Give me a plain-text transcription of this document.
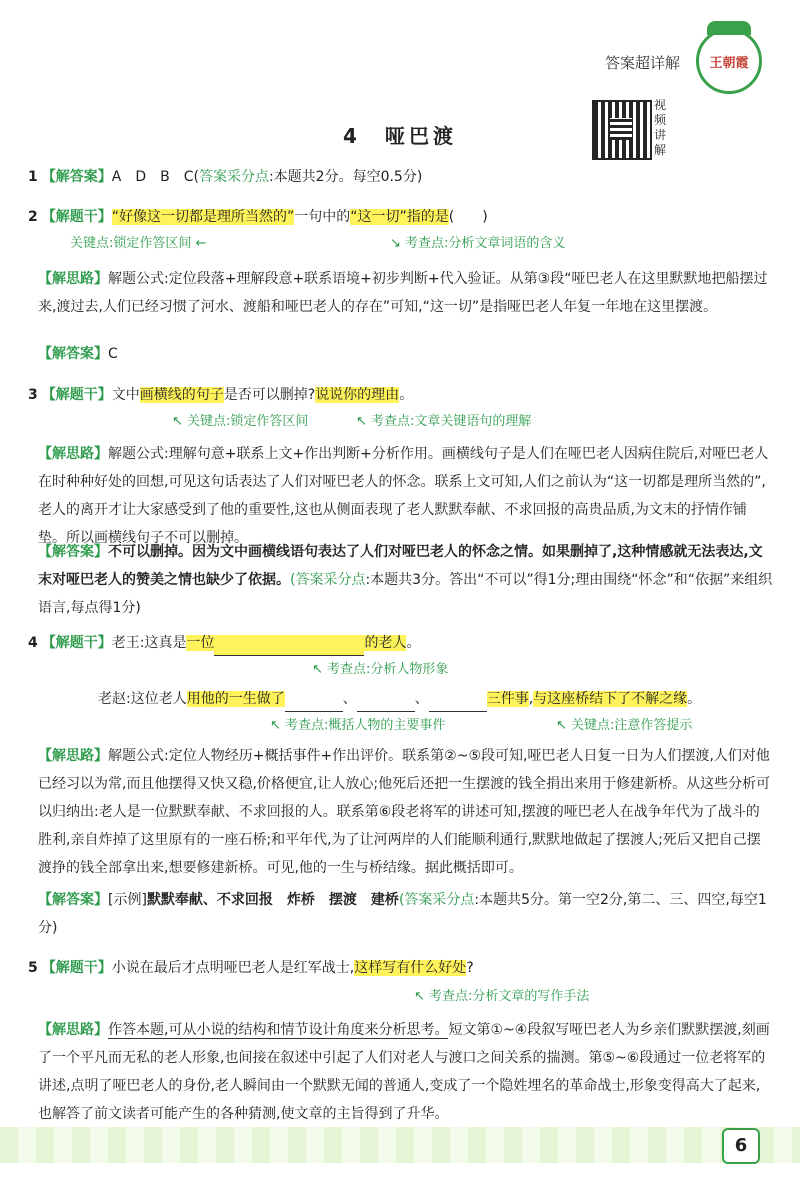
答案超详解	王朝霞
4　哑巴渡
视频讲解
1 【解答案】A　D　B　C(答案采分点:本题共2分。每空0.5分)
2 【解题干】“好像这一切都是理所当然的”一句中的“这一切”指的是(　　)
关键点:锁定作答区间 ←	↘ 考查点:分析文章词语的含义
【解思路】解题公式:定位段落+理解段意+联系语境+初步判断+代入验证。从第③段“哑巴老人在这里默默地把船摆过来,渡过去,人们已经习惯了河水、渡船和哑巴老人的存在”可知,“这一切”是指哑巴老人年复一年地在这里摆渡。
【解答案】C
3 【解题干】文中画横线的句子是否可以删掉?说说你的理由。
↖ 关键点:锁定作答区间	↖ 考查点:文章关键语句的理解
【解思路】解题公式:理解句意+联系上文+作出判断+分析作用。画横线句子是人们在哑巴老人因病住院后,对哑巴老人在时种种好处的回想,可见这句话表达了人们对哑巴老人的怀念。联系上文可知,人们之前认为“这一切都是理所当然的”,老人的离开才让大家感受到了他的重要性,这也从侧面表现了老人默默奉献、不求回报的高贵品质,为文末的抒情作铺垫。所以画横线句子不可以删掉。
【解答案】不可以删掉。因为文中画横线语句表达了人们对哑巴老人的怀念之情。如果删掉了,这种情感就无法表达,文末对哑巴老人的赞美之情也缺少了依据。(答案采分点:本题共3分。答出“不可以”得1分;理由围绕“怀念”和“依据”来组织语言,每点得1分)
4 【解题干】老王:这真是一位	的老人。
↖ 考查点:分析人物形象
老赵:这位老人用他的一生做了	、	、	三件事,与这座桥结下了不解之缘。
↖ 考查点:概括人物的主要事件	↖ 关键点:注意作答提示
【解思路】解题公式:定位人物经历+概括事件+作出评价。联系第②~⑤段可知,哑巴老人日复一日为人们摆渡,人们对他已经习以为常,而且他摆得又快又稳,价格便宜,让人放心;他死后还把一生摆渡的钱全捐出来用于修建新桥。从这些分析可以归纳出:老人是一位默默奉献、不求回报的人。联系第⑥段老将军的讲述可知,摆渡的哑巴老人在战争年代为了战斗的胜利,亲自炸掉了这里原有的一座石桥;和平年代,为了让河两岸的人们能顺利通行,默默地做起了摆渡人;死后又把自己摆渡挣的钱全部拿出来,想要修建新桥。可见,他的一生与桥结缘。据此概括即可。
【解答案】[示例]默默奉献、不求回报　炸桥　摆渡　建桥(答案采分点:本题共5分。第一空2分,第二、三、四空,每空1分)
5 【解题干】小说在最后才点明哑巴老人是红军战士,这样写有什么好处?
↖ 考查点:分析文章的写作手法
【解思路】作答本题,可从小说的结构和情节设计角度来分析思考。短文第①~④段叙写哑巴老人为乡亲们默默摆渡,刻画了一个平凡而无私的老人形象,也间接在叙述中引起了人们对老人与渡口之间关系的揣测。第⑤~⑥段通过一位老将军的讲述,点明了哑巴老人的身份,老人瞬间由一个默默无闻的普通人,变成了一个隐姓埋名的革命战士,形象变得高大了起来,也解答了前文读者可能产生的各种猜测,使文章的主旨得到了升华。
6
